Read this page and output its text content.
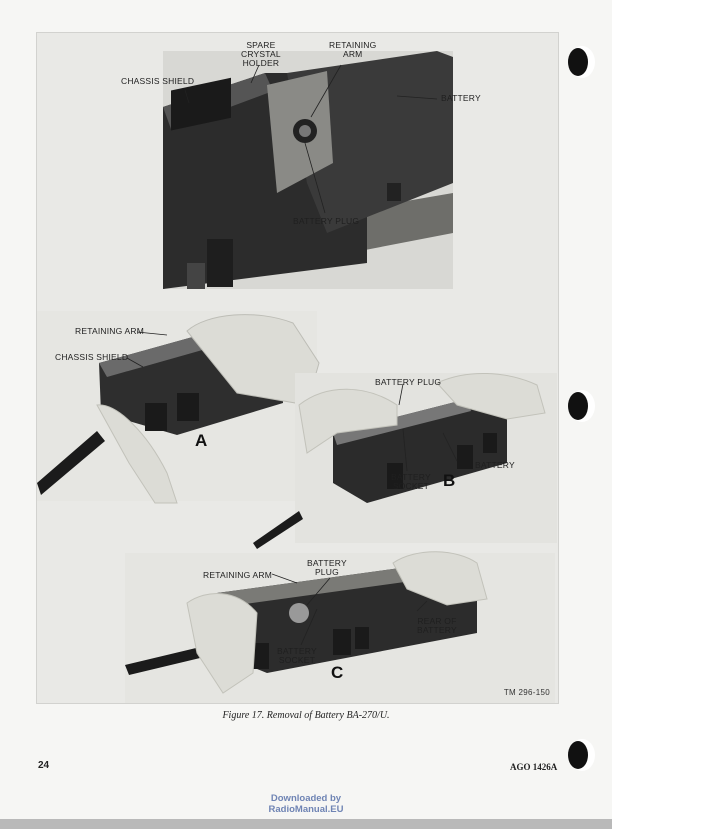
SPARE
CRYSTAL
HOLDER
RETAINING
ARM
CHASSIS SHIELD
BATTERY
BATTERY PLUG
RETAINING ARM
CHASSIS SHIELD
A
BATTERY PLUG
BATTERY
BATTERY
SOCKET B
BATTERY
PLUG
RETAINING ARM
REAR OF
BATTERY
BATTERY
SOCKET
C
TM 296-150
Figure 17. Removal of Battery BA-270/U.
24	AGO 1426A
Downloaded by
RadioManual.EU
